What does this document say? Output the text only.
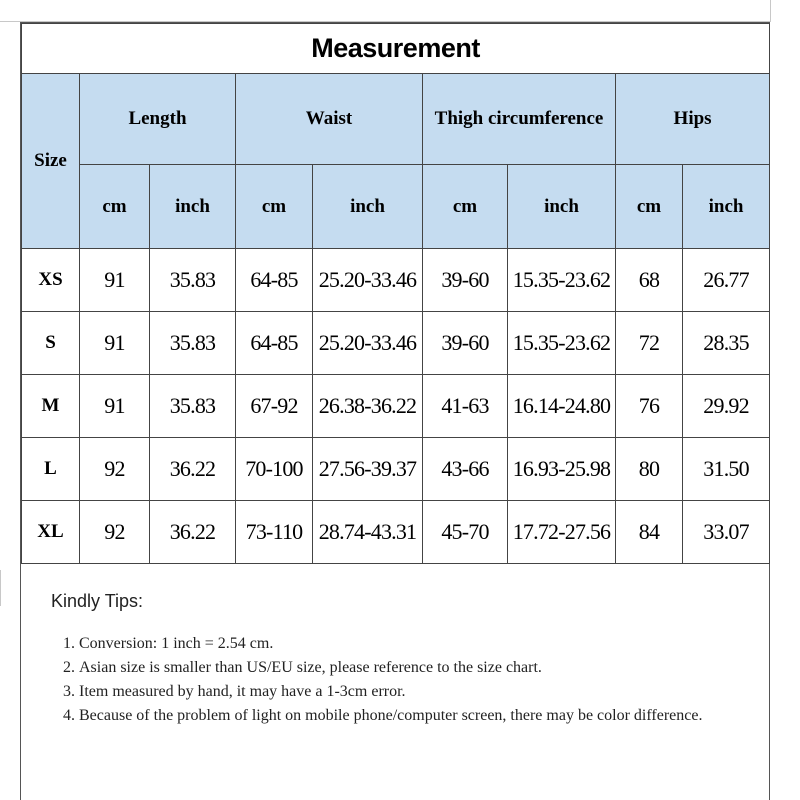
Measurement								
Size	Length		Waist		Thigh circumference		Hips	
	cm	inch	cm	inch	cm	inch	cm	inch
XS	91	35.83	64-85	25.20-33.46	39-60	15.35-23.62	68	26.77
S	91	35.83	64-85	25.20-33.46	39-60	15.35-23.62	72	28.35
M	91	35.83	67-92	26.38-36.22	41-63	16.14-24.80	76	29.92
L	92	36.22	70-100	27.56-39.37	43-66	16.93-25.98	80	31.50
XL	92	36.22	73-110	28.74-43.31	45-70	17.72-27.56	84	33.07
Kindly Tips:
1. Conversion: 1 inch = 2.54 cm.
2. Asian size is smaller than US/EU size, please reference to the size chart.
3. Item measured by hand, it may have a 1-3cm error.
4. Because of the problem of light on mobile phone/computer screen, there may be color difference.
